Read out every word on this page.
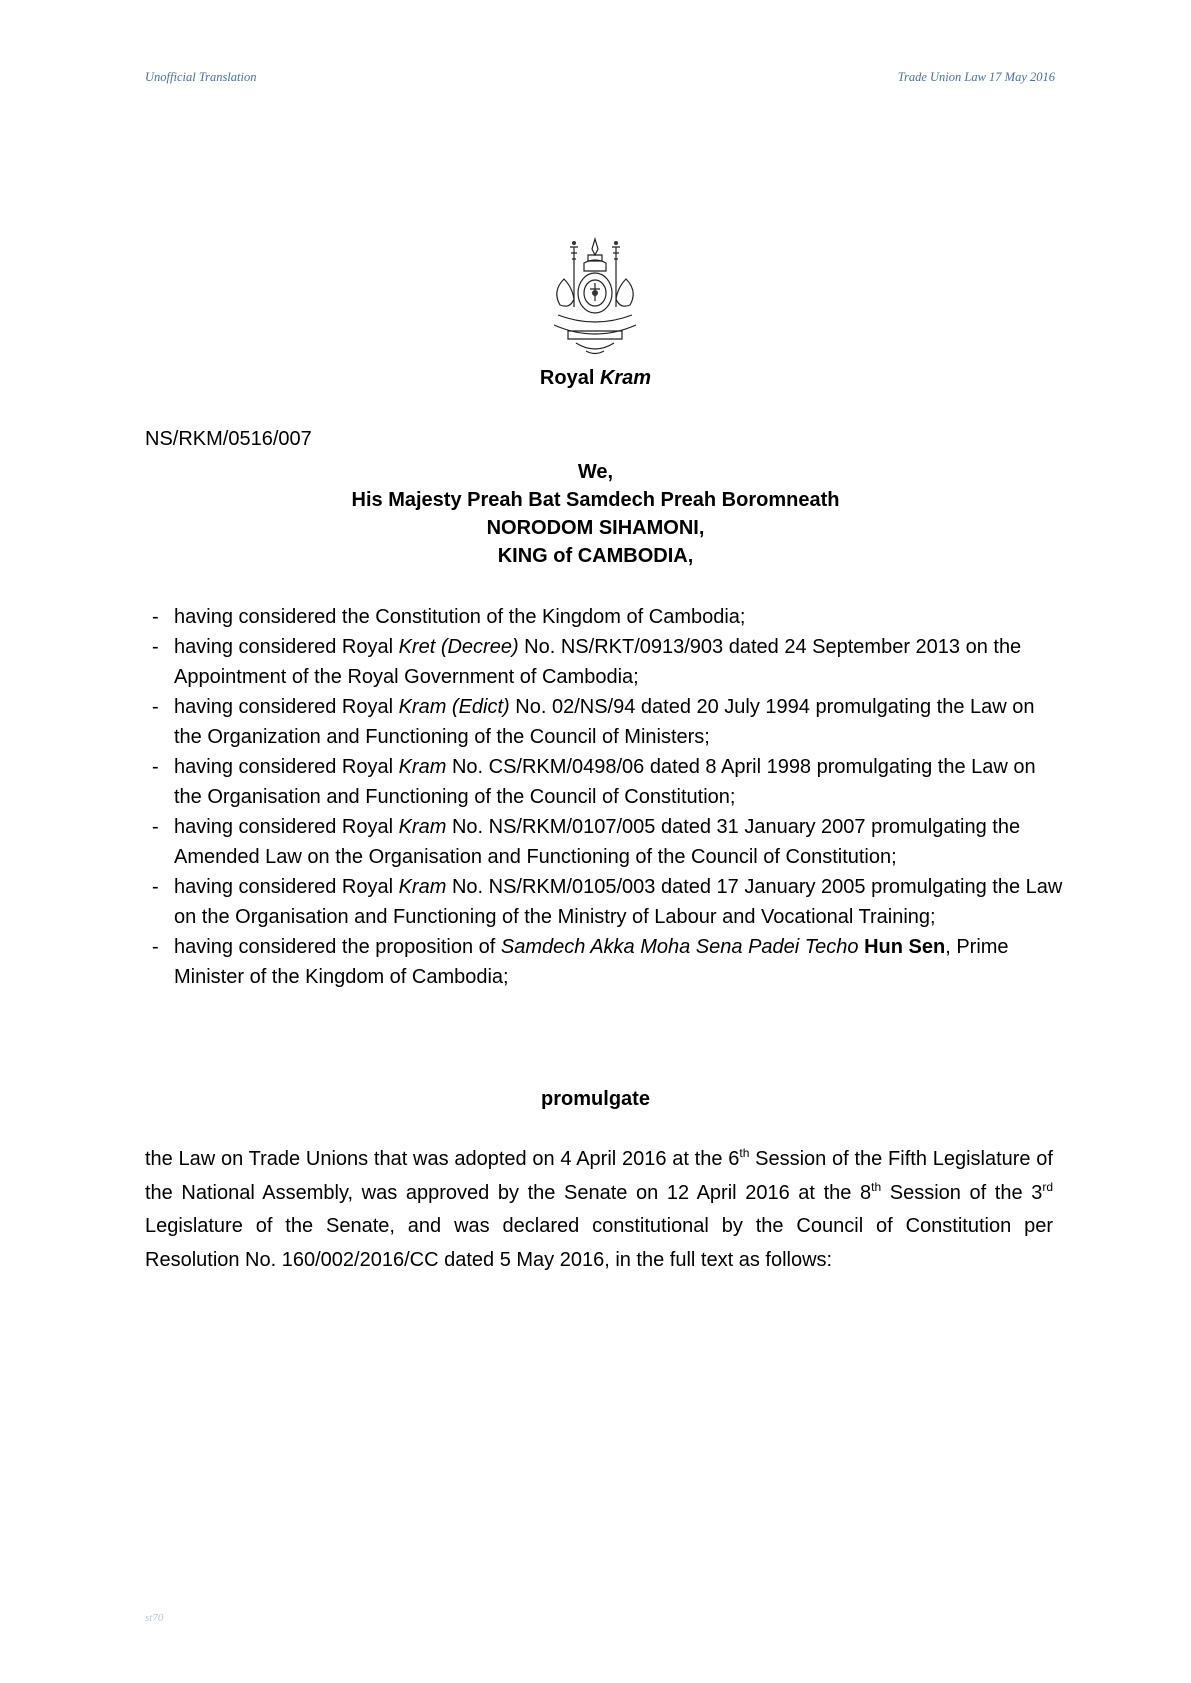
Unofficial Translation	Trade Union Law 17 May 2016
Royal Kram
NS/RKM/0516/007
We,
His Majesty Preah Bat Samdech Preah Boromneath
NORODOM SIHAMONI,
KING of CAMBODIA,
- having considered the Constitution of the Kingdom of Cambodia;
- having considered Royal Kret (Decree) No. NS/RKT/0913/903 dated 24 September 2013 on the Appointment of the Royal Government of Cambodia;
- having considered Royal Kram (Edict) No. 02/NS/94 dated 20 July 1994 promulgating the Law on the Organization and Functioning of the Council of Ministers;
- having considered Royal Kram No. CS/RKM/0498/06 dated 8 April 1998 promulgating the Law on the Organisation and Functioning of the Council of Constitution;
- having considered Royal Kram No. NS/RKM/0107/005 dated 31 January 2007 promulgating the Amended Law on the Organisation and Functioning of the Council of Constitution;
- having considered Royal Kram No. NS/RKM/0105/003 dated 17 January 2005 promulgating the Law on the Organisation and Functioning of the Ministry of Labour and Vocational Training;
- having considered the proposition of Samdech Akka Moha Sena Padei Techo Hun Sen, Prime Minister of the Kingdom of Cambodia;
promulgate
the Law on Trade Unions that was adopted on 4 April 2016 at the 6th Session of the Fifth Legislature of the National Assembly, was approved by the Senate on 12 April 2016 at the 8th Session of the 3rd Legislature of the Senate, and was declared constitutional by the Council of Constitution per Resolution No. 160/002/2016/CC dated 5 May 2016, in the full text as follows:
st70
